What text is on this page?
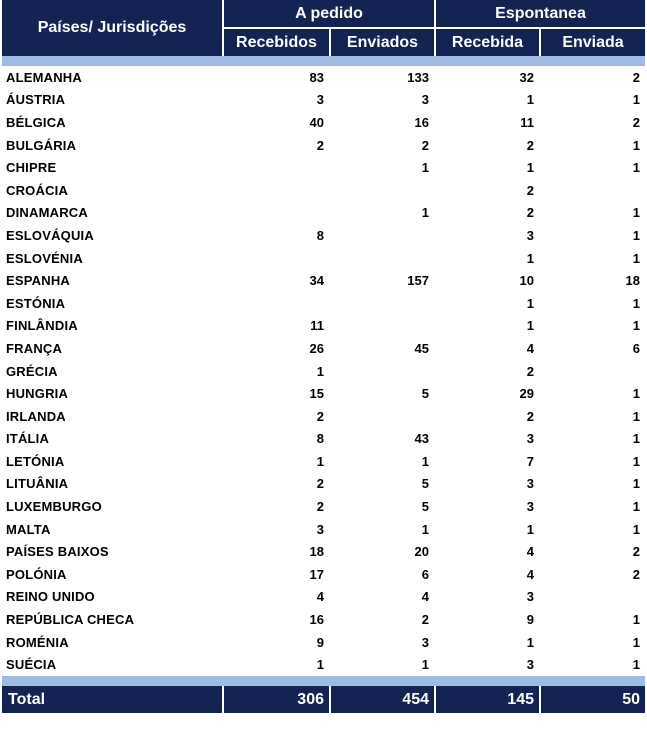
Países/ Jurisdições	A pedido		Espontanea	
	Recebidos	Enviados	Recebida	Enviada

ALEMANHA	83	133	32	2
ÁUSTRIA	3	3	1	1
BÉLGICA	40	16	11	2
BULGÁRIA	2	2	2	1
CHIPRE		1	1	1
CROÁCIA			2	
DINAMARCA		1	2	1
ESLOVÁQUIA	8		3	1
ESLOVÉNIA			1	1
ESPANHA	34	157	10	18
ESTÓNIA			1	1
FINLÂNDIA	11		1	1
FRANÇA	26	45	4	6
GRÉCIA	1		2	
HUNGRIA	15	5	29	1
IRLANDA	2		2	1
ITÁLIA	8	43	3	1
LETÓNIA	1	1	7	1
LITUÂNIA	2	5	3	1
LUXEMBURGO	2	5	3	1
MALTA	3	1	1	1
PAÍSES BAIXOS	18	20	4	2
POLÓNIA	17	6	4	2
REINO UNIDO	4	4	3	
REPÚBLICA CHECA	16	2	9	1
ROMÉNIA	9	3	1	1
SUÉCIA	1	1	3	1

Total	306	454	145	50
